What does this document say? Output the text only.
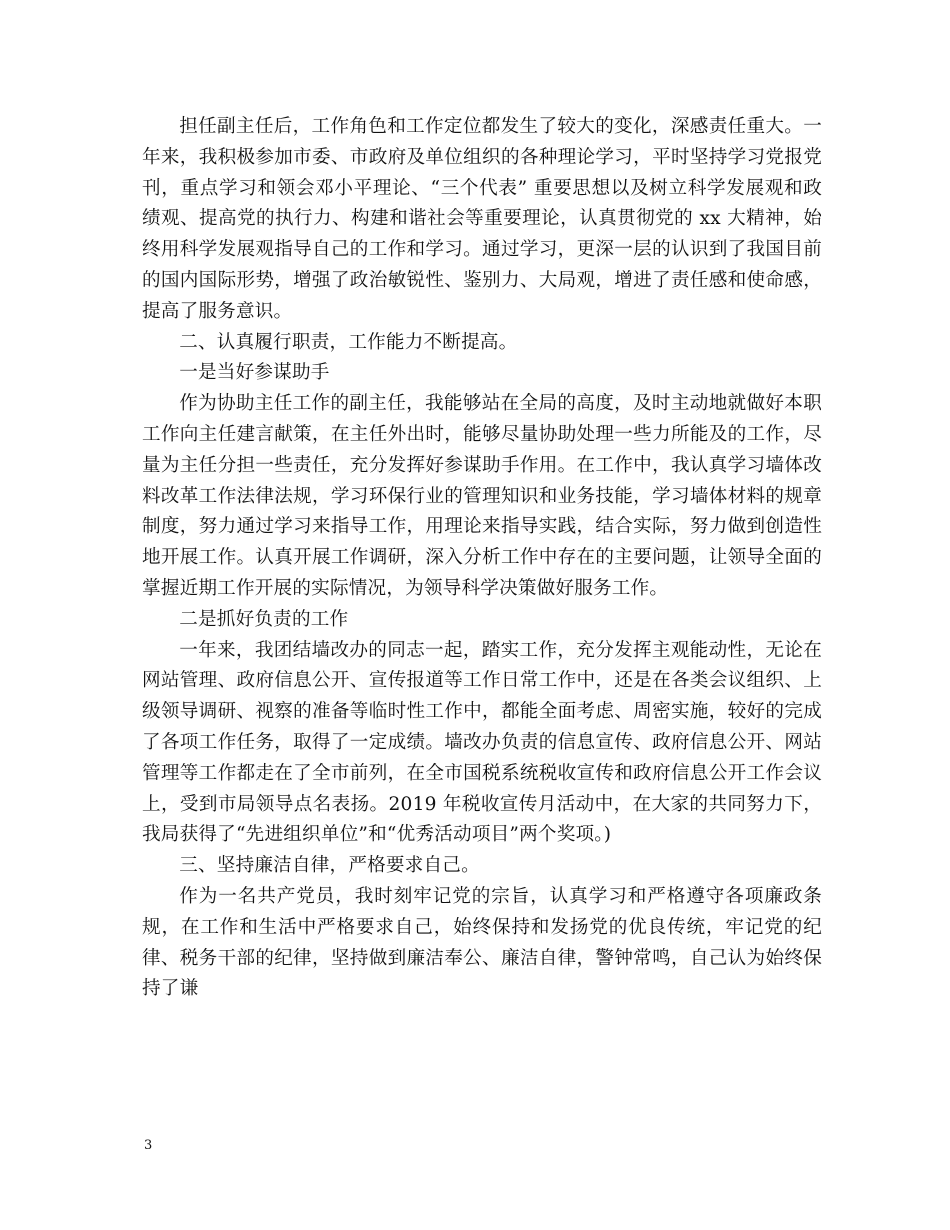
担任副主任后，工作角色和工作定位都发生了较大的变化，深感责任重大。一年来，我积极参加市委、市政府及单位组织的各种理论学习，平时坚持学习党报党刊，重点学习和领会邓小平理论、“三个代表” 重要思想以及树立科学发展观和政绩观、提高党的执行力、构建和谐社会等重要理论，认真贯彻党的 xx 大精神，始终用科学发展观指导自己的工作和学习。通过学习，更深一层的认识到了我国目前的国内国际形势，增强了政治敏锐性、鉴别力、大局观，增进了责任感和使命感，提高了服务意识。

二、认真履行职责，工作能力不断提高。

一是当好参谋助手

作为协助主任工作的副主任，我能够站在全局的高度，及时主动地就做好本职工作向主任建言献策，在主任外出时，能够尽量协助处理一些力所能及的工作，尽量为主任分担一些责任，充分发挥好参谋助手作用。在工作中，我认真学习墙体改料改革工作法律法规，学习环保行业的管理知识和业务技能，学习墙体材料的规章制度，努力通过学习来指导工作，用理论来指导实践，结合实际，努力做到创造性地开展工作。认真开展工作调研，深入分析工作中存在的主要问题，让领导全面的掌握近期工作开展的实际情况，为领导科学决策做好服务工作。

二是抓好负责的工作

一年来，我团结墙改办的同志一起，踏实工作，充分发挥主观能动性，无论在网站管理、政府信息公开、宣传报道等工作日常工作中，还是在各类会议组织、上级领导调研、视察的准备等临时性工作中，都能全面考虑、周密实施，较好的完成了各项工作任务，取得了一定成绩。墙改办负责的信息宣传、政府信息公开、网站管理等工作都走在了全市前列，在全市国税系统税收宣传和政府信息公开工作会议上，受到市局领导点名表扬。2019 年税收宣传月活动中，在大家的共同努力下，我局获得了“先进组织单位”和“优秀活动项目”两个奖项。)

三、坚持廉洁自律，严格要求自己。

作为一名共产党员，我时刻牢记党的宗旨，认真学习和严格遵守各项廉政条规，在工作和生活中严格要求自己，始终保持和发扬党的优良传统，牢记党的纪律、税务干部的纪律，坚持做到廉洁奉公、廉洁自律，警钟常鸣，自己认为始终保持了谦

3
